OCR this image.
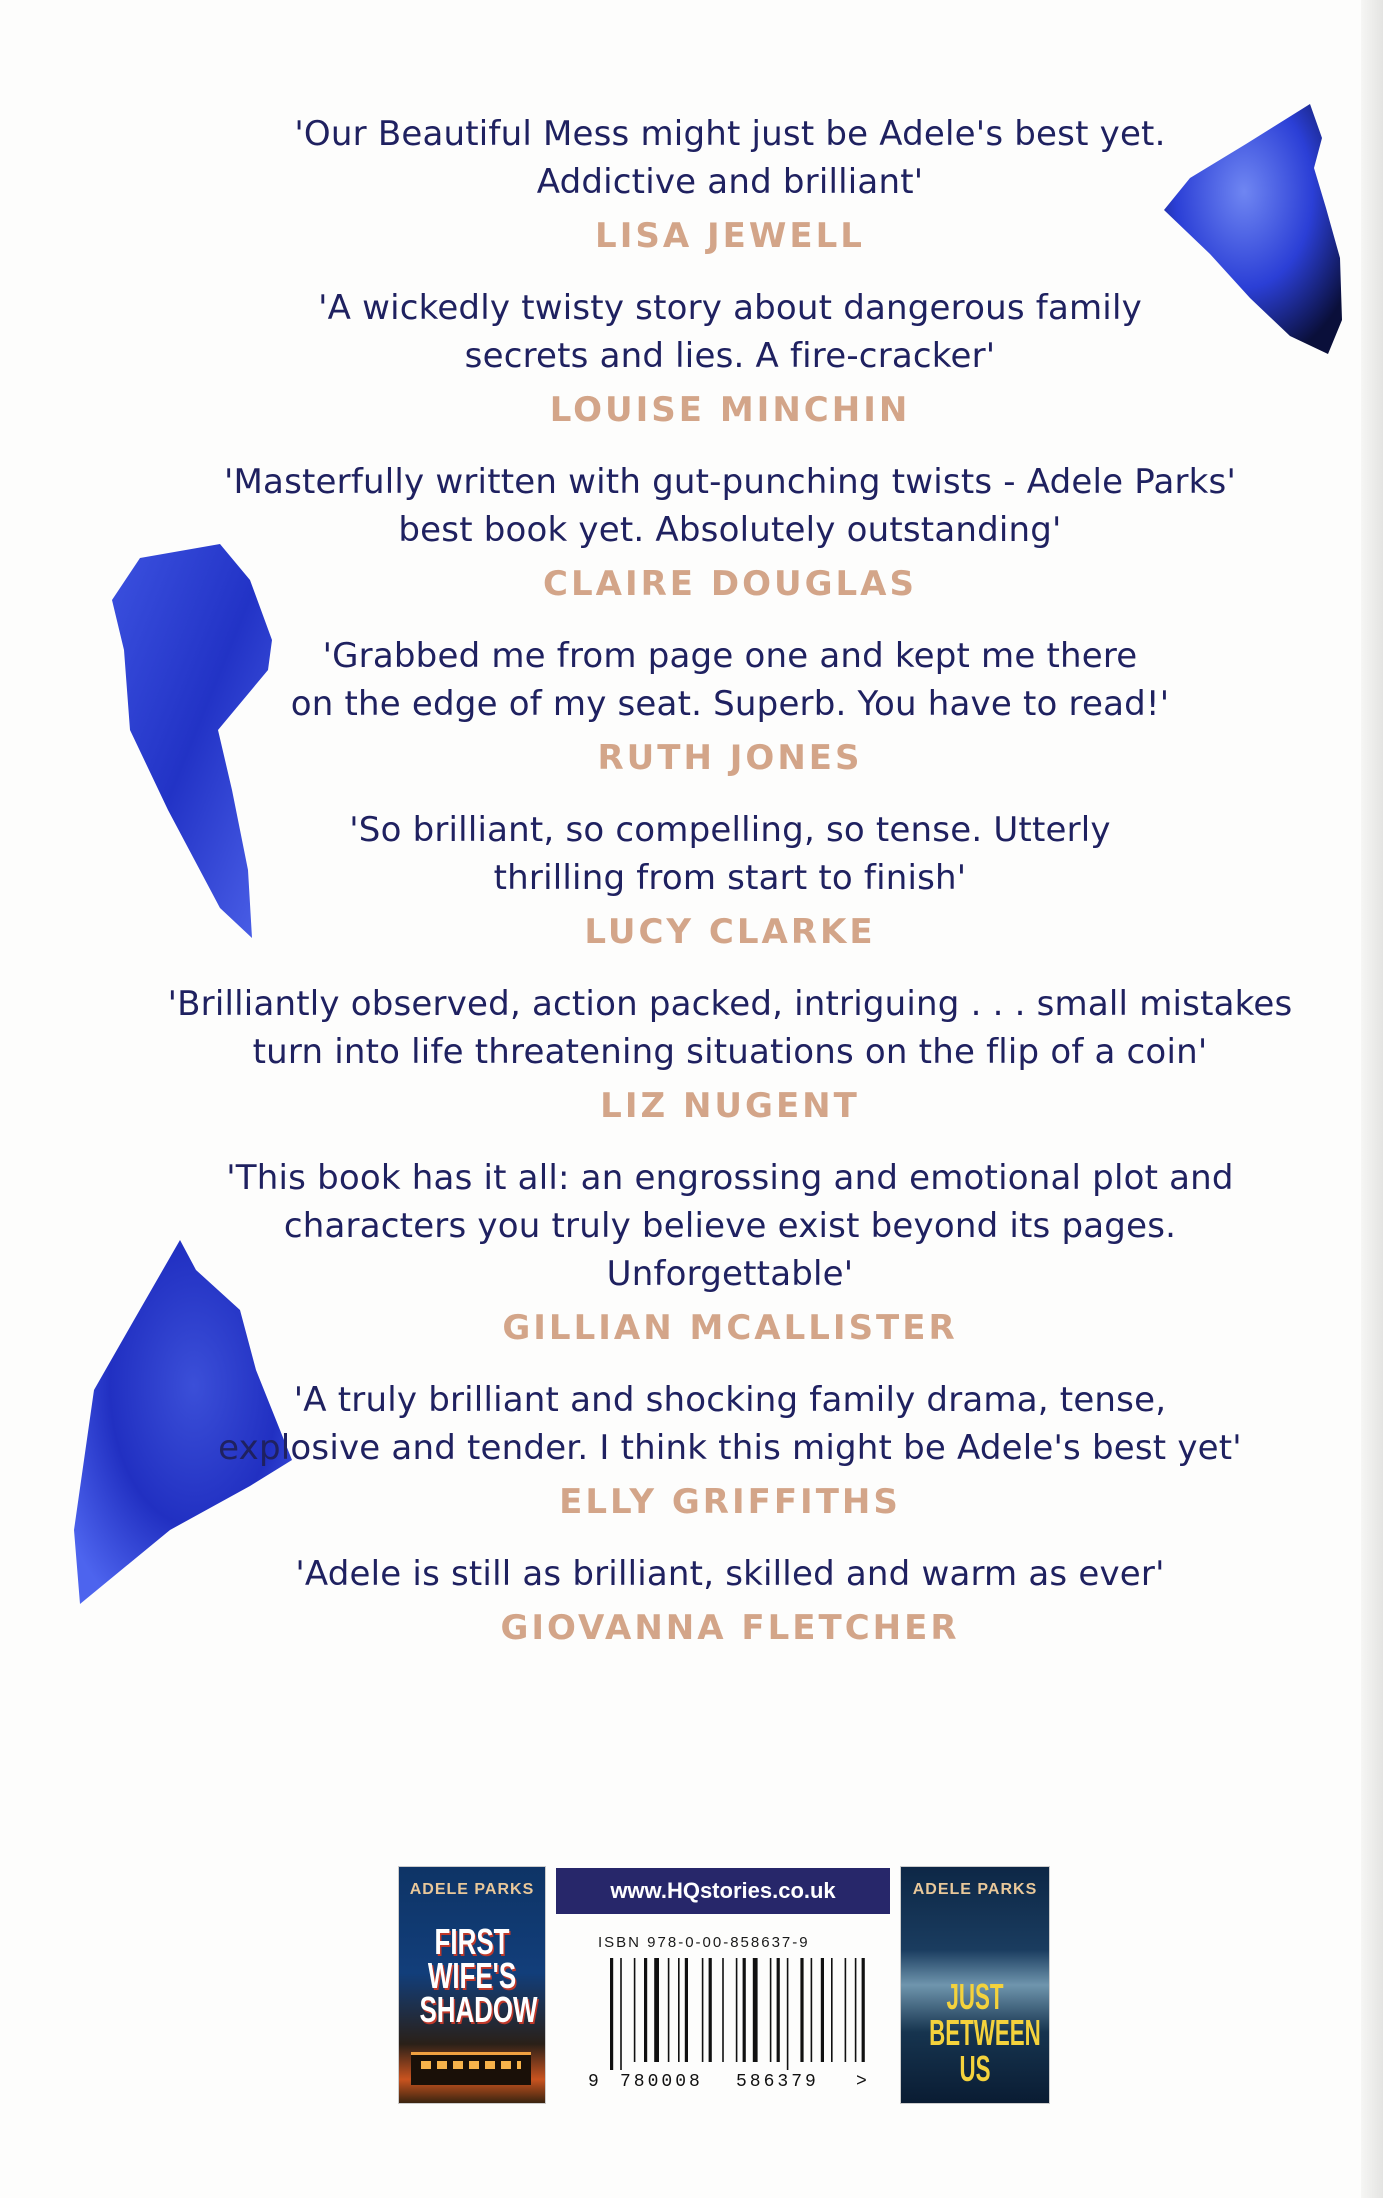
'Our Beautiful Mess might just be Adele's best yet.
Addictive and brilliant'
LISA JEWELL
'A wickedly twisty story about dangerous family
secrets and lies. A fire-cracker'
LOUISE MINCHIN
'Masterfully written with gut-punching twists - Adele Parks'
best book yet. Absolutely outstanding'
CLAIRE DOUGLAS
'Grabbed me from page one and kept me there
on the edge of my seat. Superb. You have to read!'
RUTH JONES
'So brilliant, so compelling, so tense. Utterly
thrilling from start to finish'
LUCY CLARKE
'Brilliantly observed, action packed, intriguing . . . small mistakes
turn into life threatening situations on the flip of a coin'
LIZ NUGENT
'This book has it all: an engrossing and emotional plot and
characters you truly believe exist beyond its pages.
Unforgettable'
GILLIAN MCALLISTER
'A truly brilliant and shocking family drama, tense,
explosive and tender. I think this might be Adele's best yet'
ELLY GRIFFITHS
'Adele is still as brilliant, skilled and warm as ever'
GIOVANNA FLETCHER
ADELE PARKS
FIRST
WIFE'S
SHADOW
www.HQstories.co.uk
ISBN 978-0-00-858637-9
9 780008 586379 >
ADELE PARKS
JUST
BETWEEN
US
